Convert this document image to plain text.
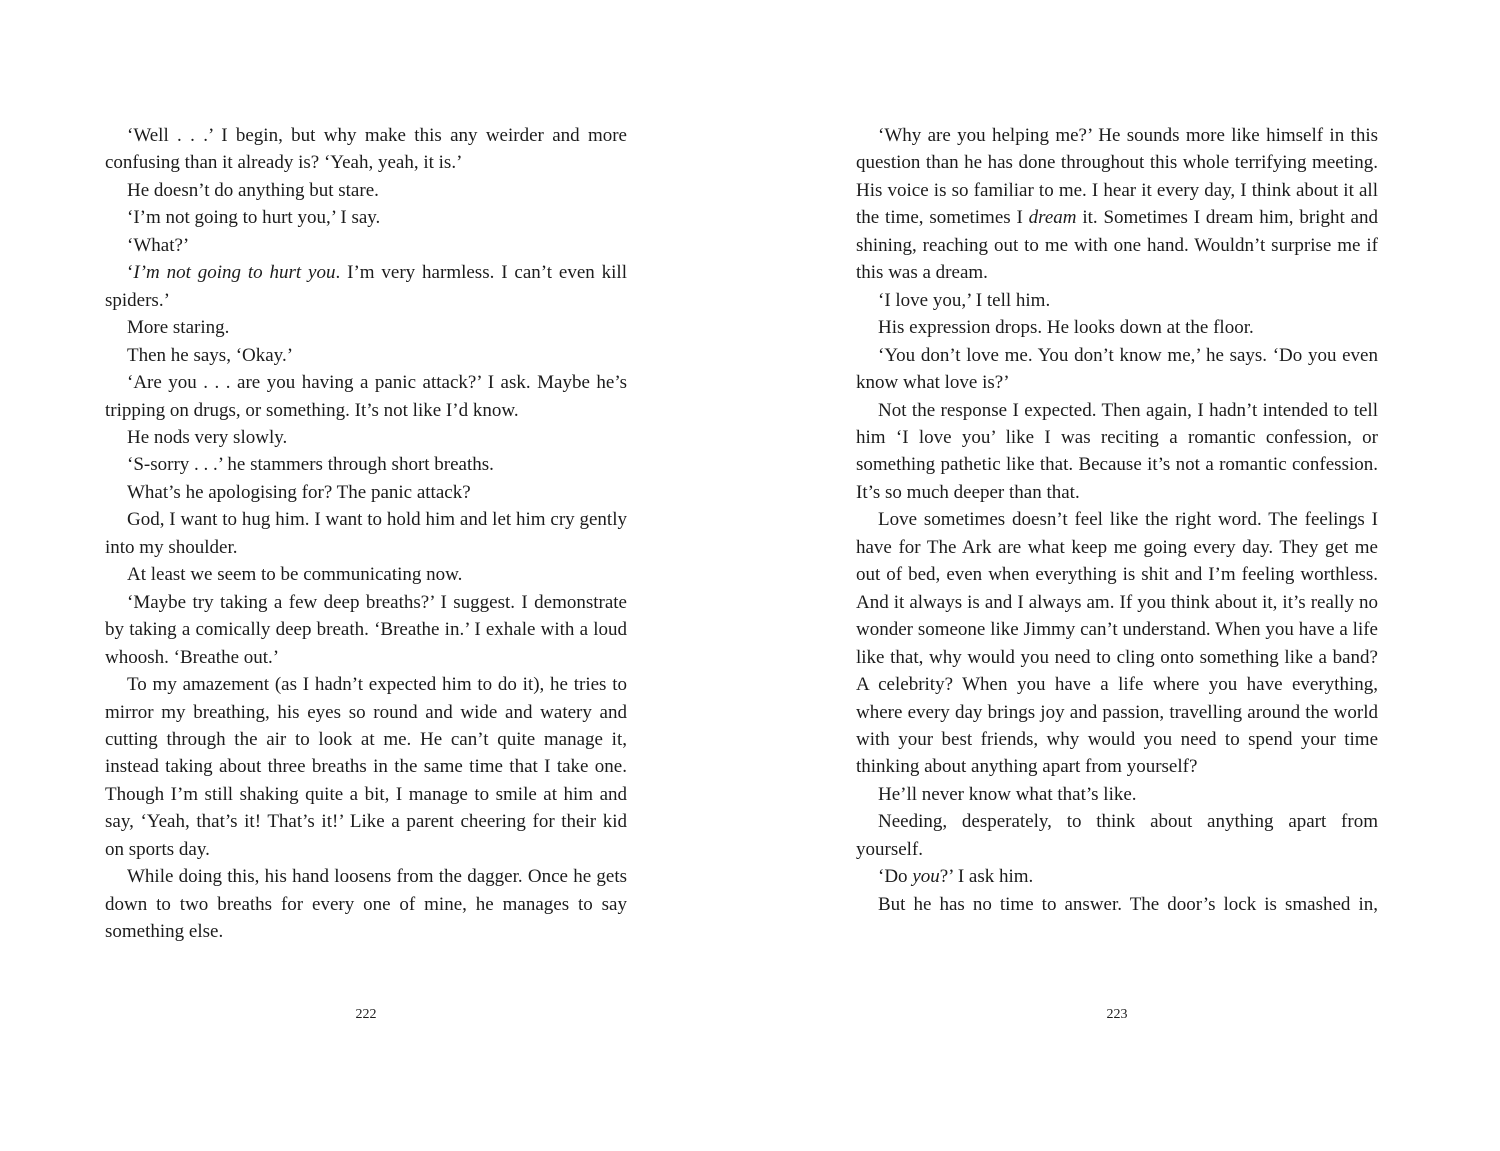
‘Well . . .’ I begin, but why make this any weirder and more confusing than it already is? ‘Yeah, yeah, it is.’

He doesn’t do anything but stare.

‘I’m not going to hurt you,’ I say.

‘What?’

‘I’m not going to hurt you. I’m very harmless. I can’t even kill spiders.’

More staring.

Then he says, ‘Okay.’

‘Are you . . . are you having a panic attack?’ I ask. Maybe he’s tripping on drugs, or something. It’s not like I’d know.

He nods very slowly.

‘S-sorry . . .’ he stammers through short breaths.

What’s he apologising for? The panic attack?

God, I want to hug him. I want to hold him and let him cry gently into my shoulder.

At least we seem to be communicating now.

‘Maybe try taking a few deep breaths?’ I suggest. I demonstrate by taking a comically deep breath. ‘Breathe in.’ I exhale with a loud whoosh. ‘Breathe out.’

To my amazement (as I hadn’t expected him to do it), he tries to mirror my breathing, his eyes so round and wide and watery and cutting through the air to look at me. He can’t quite manage it, instead taking about three breaths in the same time that I take one. Though I’m still shaking quite a bit, I manage to smile at him and say, ‘Yeah, that’s it! That’s it!’ Like a parent cheering for their kid on sports day.

While doing this, his hand loosens from the dagger. Once he gets down to two breaths for every one of mine, he manages to say something else.

‘Why are you helping me?’ He sounds more like himself in this question than he has done throughout this whole terrifying meeting. His voice is so familiar to me. I hear it every day, I think about it all the time, sometimes I dream it. Sometimes I dream him, bright and shining, reaching out to me with one hand. Wouldn’t surprise me if this was a dream.

‘I love you,’ I tell him.

His expression drops. He looks down at the floor.

‘You don’t love me. You don’t know me,’ he says. ‘Do you even know what love is?’

Not the response I expected. Then again, I hadn’t intended to tell him ‘I love you’ like I was reciting a romantic confession, or something pathetic like that. Because it’s not a romantic confession. It’s so much deeper than that.

Love sometimes doesn’t feel like the right word. The feelings I have for The Ark are what keep me going every day. They get me out of bed, even when everything is shit and I’m feeling worthless. And it always is and I always am. If you think about it, it’s really no wonder someone like Jimmy can’t understand. When you have a life like that, why would you need to cling onto something like a band? A celebrity? When you have a life where you have everything, where every day brings joy and passion, travelling around the world with your best friends, why would you need to spend your time thinking about anything apart from yourself?

He’ll never know what that’s like.

Needing, desperately, to think about anything apart from yourself.

‘Do you?’ I ask him.

But he has no time to answer. The door’s lock is smashed in,

222	223
